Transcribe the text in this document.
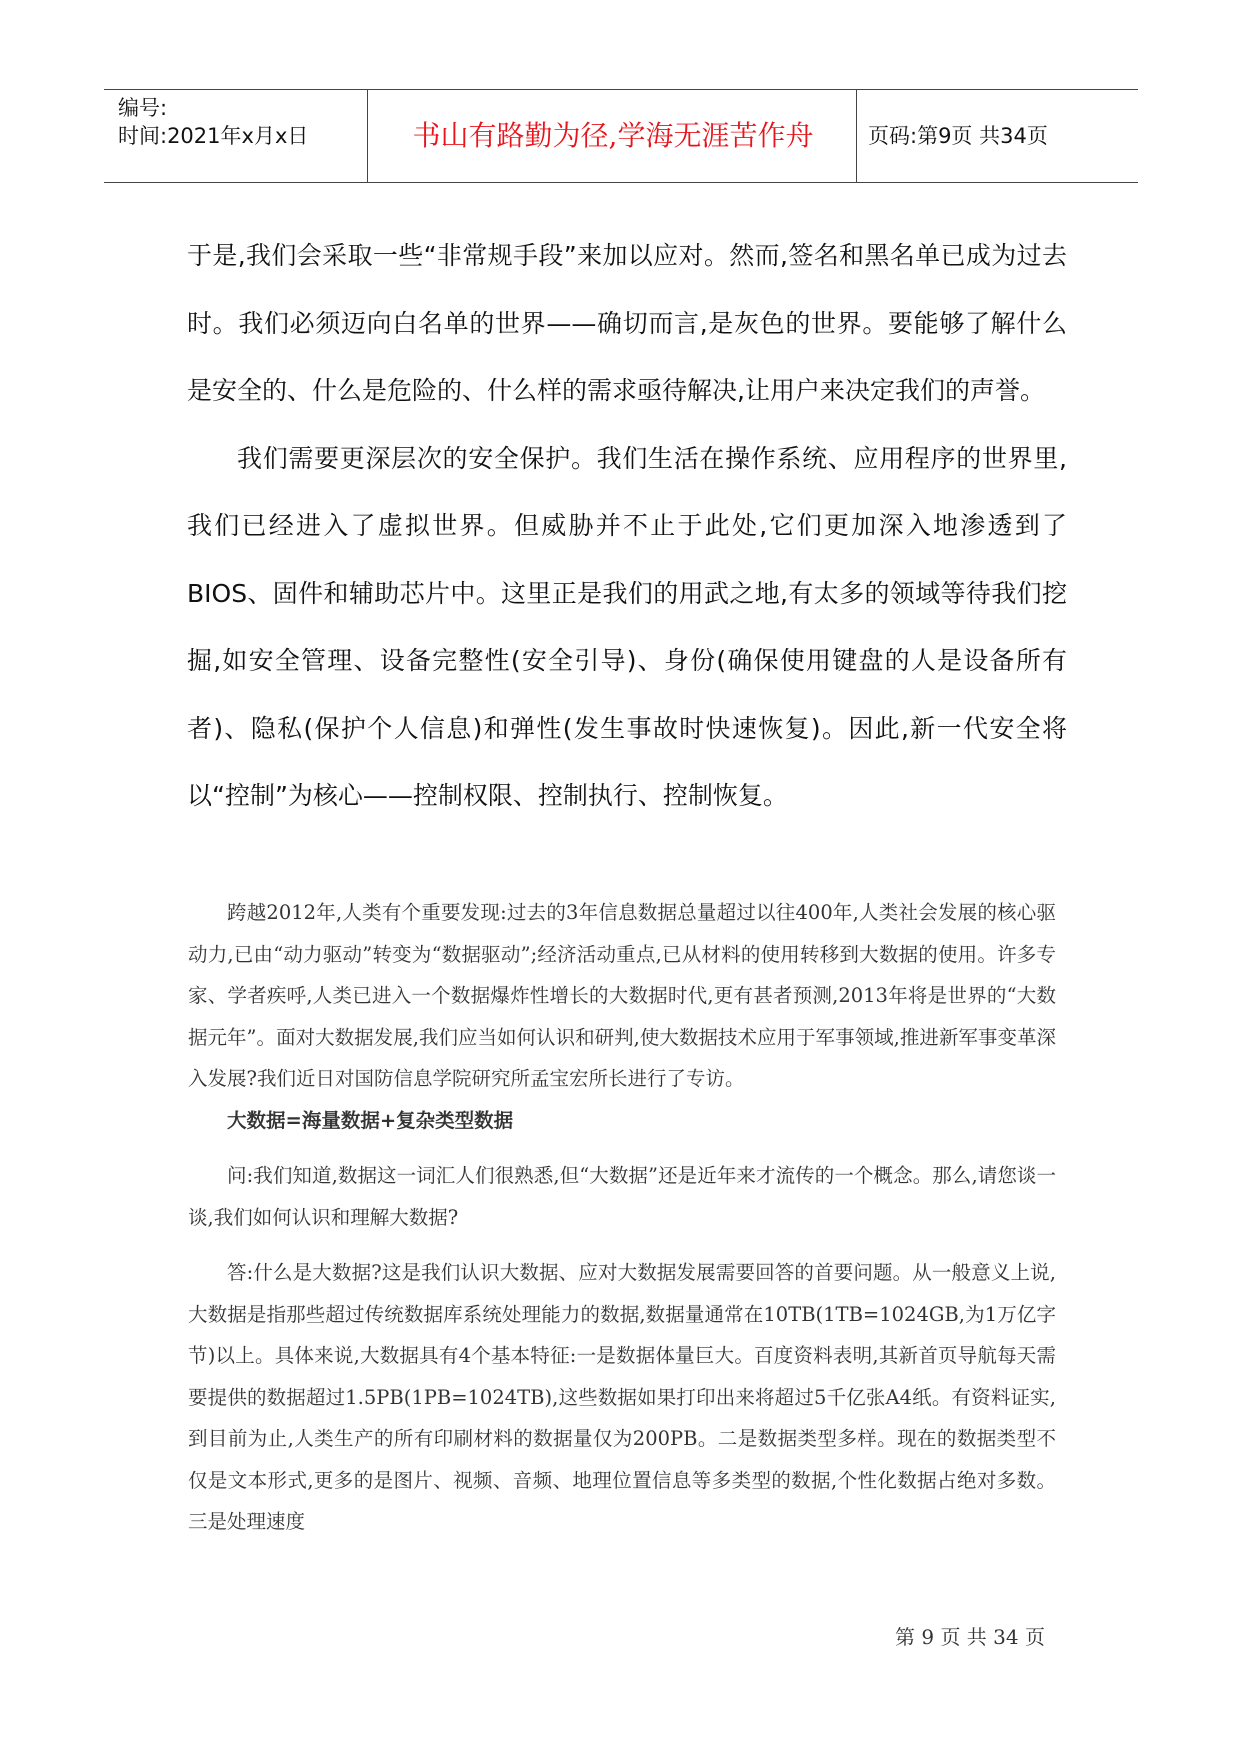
编号:
时间:2021年x月x日	书山有路勤为径,学海无涯苦作舟	页码:第9页 共34页

于是,我们会采取一些“非常规手段”来加以应对。然而,签名和黑名单已成为过去时。我们必须迈向白名单的世界——确切而言,是灰色的世界。要能够了解什么是安全的、什么是危险的、什么样的需求亟待解决,让用户来决定我们的声誉。

我们需要更深层次的安全保护。我们生活在操作系统、应用程序的世界里,我们已经进入了虚拟世界。但威胁并不止于此处,它们更加深入地渗透到了BIOS、固件和辅助芯片中。这里正是我们的用武之地,有太多的领域等待我们挖掘,如安全管理、设备完整性(安全引导)、身份(确保使用键盘的人是设备所有者)、隐私(保护个人信息)和弹性(发生事故时快速恢复)。因此,新一代安全将以“控制”为核心——控制权限、控制执行、控制恢复。

跨越2012年,人类有个重要发现:过去的3年信息数据总量超过以往400年,人类社会发展的核心驱动力,已由“动力驱动”转变为“数据驱动”;经济活动重点,已从材料的使用转移到大数据的使用。许多专家、学者疾呼,人类已进入一个数据爆炸性增长的大数据时代,更有甚者预测,2013年将是世界的“大数据元年”。面对大数据发展,我们应当如何认识和研判,使大数据技术应用于军事领域,推进新军事变革深入发展?我们近日对国防信息学院研究所孟宝宏所长进行了专访。

大数据=海量数据+复杂类型数据

问:我们知道,数据这一词汇人们很熟悉,但“大数据”还是近年来才流传的一个概念。那么,请您谈一谈,我们如何认识和理解大数据?

答:什么是大数据?这是我们认识大数据、应对大数据发展需要回答的首要问题。从一般意义上说,大数据是指那些超过传统数据库系统处理能力的数据,数据量通常在10TB(1TB=1024GB,为1万亿字节)以上。具体来说,大数据具有4个基本特征:一是数据体量巨大。百度资料表明,其新首页导航每天需要提供的数据超过1.5PB(1PB=1024TB),这些数据如果打印出来将超过5千亿张A4纸。有资料证实,到目前为止,人类生产的所有印刷材料的数据量仅为200PB。二是数据类型多样。现在的数据类型不仅是文本形式,更多的是图片、视频、音频、地理位置信息等多类型的数据,个性化数据占绝对多数。三是处理速度

第 9 页 共 34 页
